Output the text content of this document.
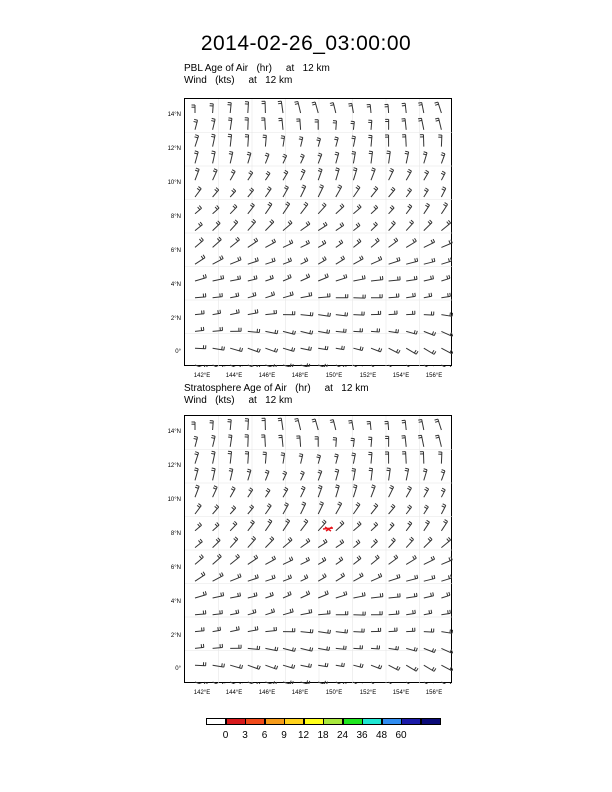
2014-02-26_03:00:00
PBL Age of Air   (hr)     at   12 km
Wind   (kts)     at   12 km
Stratosphere Age of Air   (hr)     at   12 km
Wind   (kts)     at   12 km
14°N
12°N
10°N
8°N
6°N
4°N
2°N
0°
142°E	144°E	146°E	148°E	150°E	152°E	154°E	156°E
14°N
12°N
10°N
8°N
6°N
4°N
2°N
0°
142°E	144°E	146°E	148°E	150°E	152°E	154°E	156°E
0	3	6	9	12 18 24 36 48 60
